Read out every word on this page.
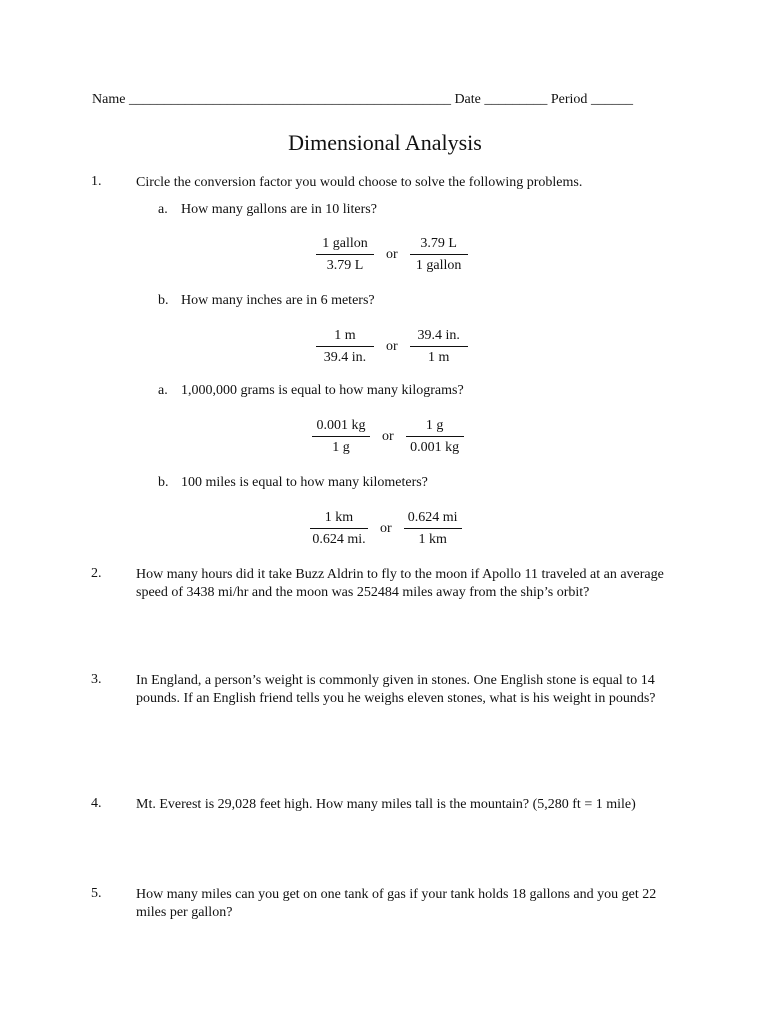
Name ______________________________________________ Date _________ Period ______
Dimensional Analysis
1. Circle the conversion factor you would choose to solve the following problems.
a. How many gallons are in 10 liters?
$\frac{\text{1 gallon}}{3.79 L}$ or $\frac{3.79 L}{\text{1 gallon}}$
b. How many inches are in 6 meters?
$\frac{1 m}{39.4 in.}$ or $\frac{39.4 in.}{1 m}$
a. 1,000,000 grams is equal to how many kilograms?
$\frac{0.001 kg}{1 g}$ or $\frac{1 g}{0.001 kg}$
b. 100 miles is equal to how many kilometers?
$\frac{1 km}{0.624 mi.}$ or $\frac{0.624 mi}{1 km}$
2. How many hours did it take Buzz Aldrin to fly to the moon if Apollo 11 traveled at an average speed of 3438 mi/hr and the moon was 252484 miles away from the ship’s orbit?
3. In England, a person’s weight is commonly given in stones. One English stone is equal to 14 pounds. If an English friend tells you he weighs eleven stones, what is his weight in pounds?
4. Mt. Everest is 29,028 feet high. How many miles tall is the mountain? (5,280 ft = 1 mile)
5. How many miles can you get on one tank of gas if your tank holds 18 gallons and you get 22 miles per gallon?
